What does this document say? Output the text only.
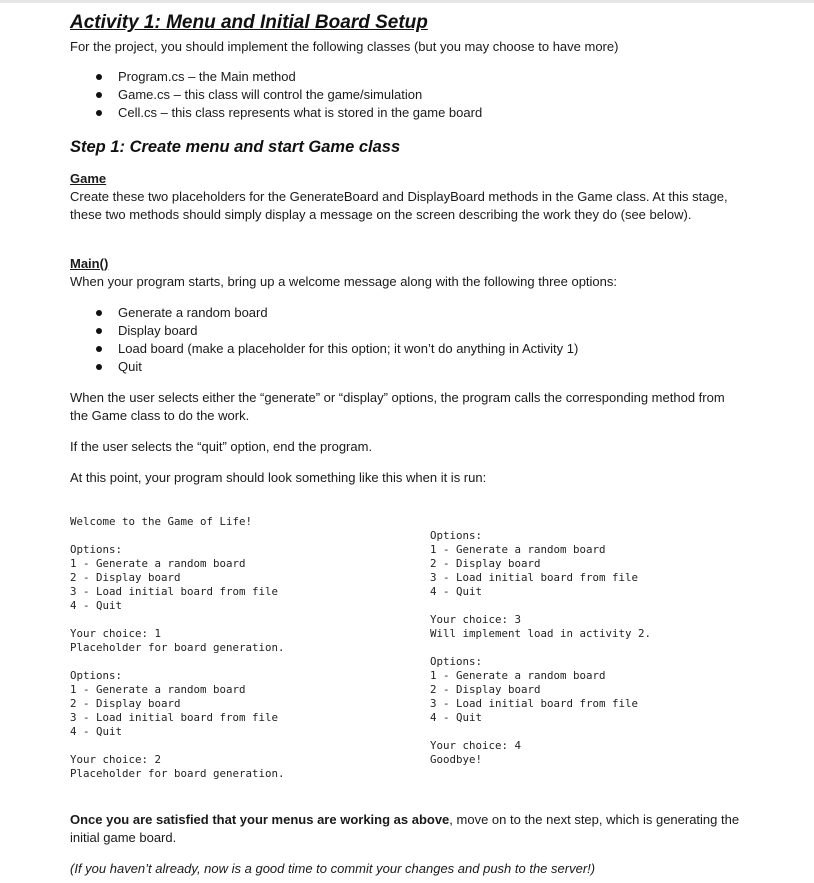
Activity 1: Menu and Initial Board Setup

For the project, you should implement the following classes (but you may choose to have more)

Program.cs – the Main method
Game.cs – this class will control the game/simulation
Cell.cs – this class represents what is stored in the game board
Step 1: Create menu and start Game class
Game

Create these two placeholders for the GenerateBoard and DisplayBoard methods in the Game class. At this stage, these two methods should simply display a message on the screen describing the work they do (see below).

Main()

When your program starts, bring up a welcome message along with the following three options:

Generate a random board
Display board
Load board (make a placeholder for this option; it won’t do anything in Activity 1)
Quit

When the user selects either the “generate” or “display” options, the program calls the corresponding method from the Game class to do the work.

If the user selects the “quit” option, end the program.

At this point, your program should look something like this when it is run:

Welcome to the Game of Life!
Options:
1 - Generate a random board
2 - Display board
3 - Load initial board from file
4 - Quit
Your choice: 1
Placeholder for board generation.
Options:
1 - Generate a random board
2 - Display board
3 - Load initial board from file
4 - Quit
Your choice: 2
Placeholder for board generation.
Options:
1 - Generate a random board
2 - Display board
3 - Load initial board from file
4 - Quit
Your choice: 3
Will implement load in activity 2.
Options:
1 - Generate a random board
2 - Display board
3 - Load initial board from file
4 - Quit
Your choice: 4
Goodbye!

Once you are satisfied that your menus are working as above, move on to the next step, which is generating the initial game board.

(If you haven’t already, now is a good time to commit your changes and push to the server!)
